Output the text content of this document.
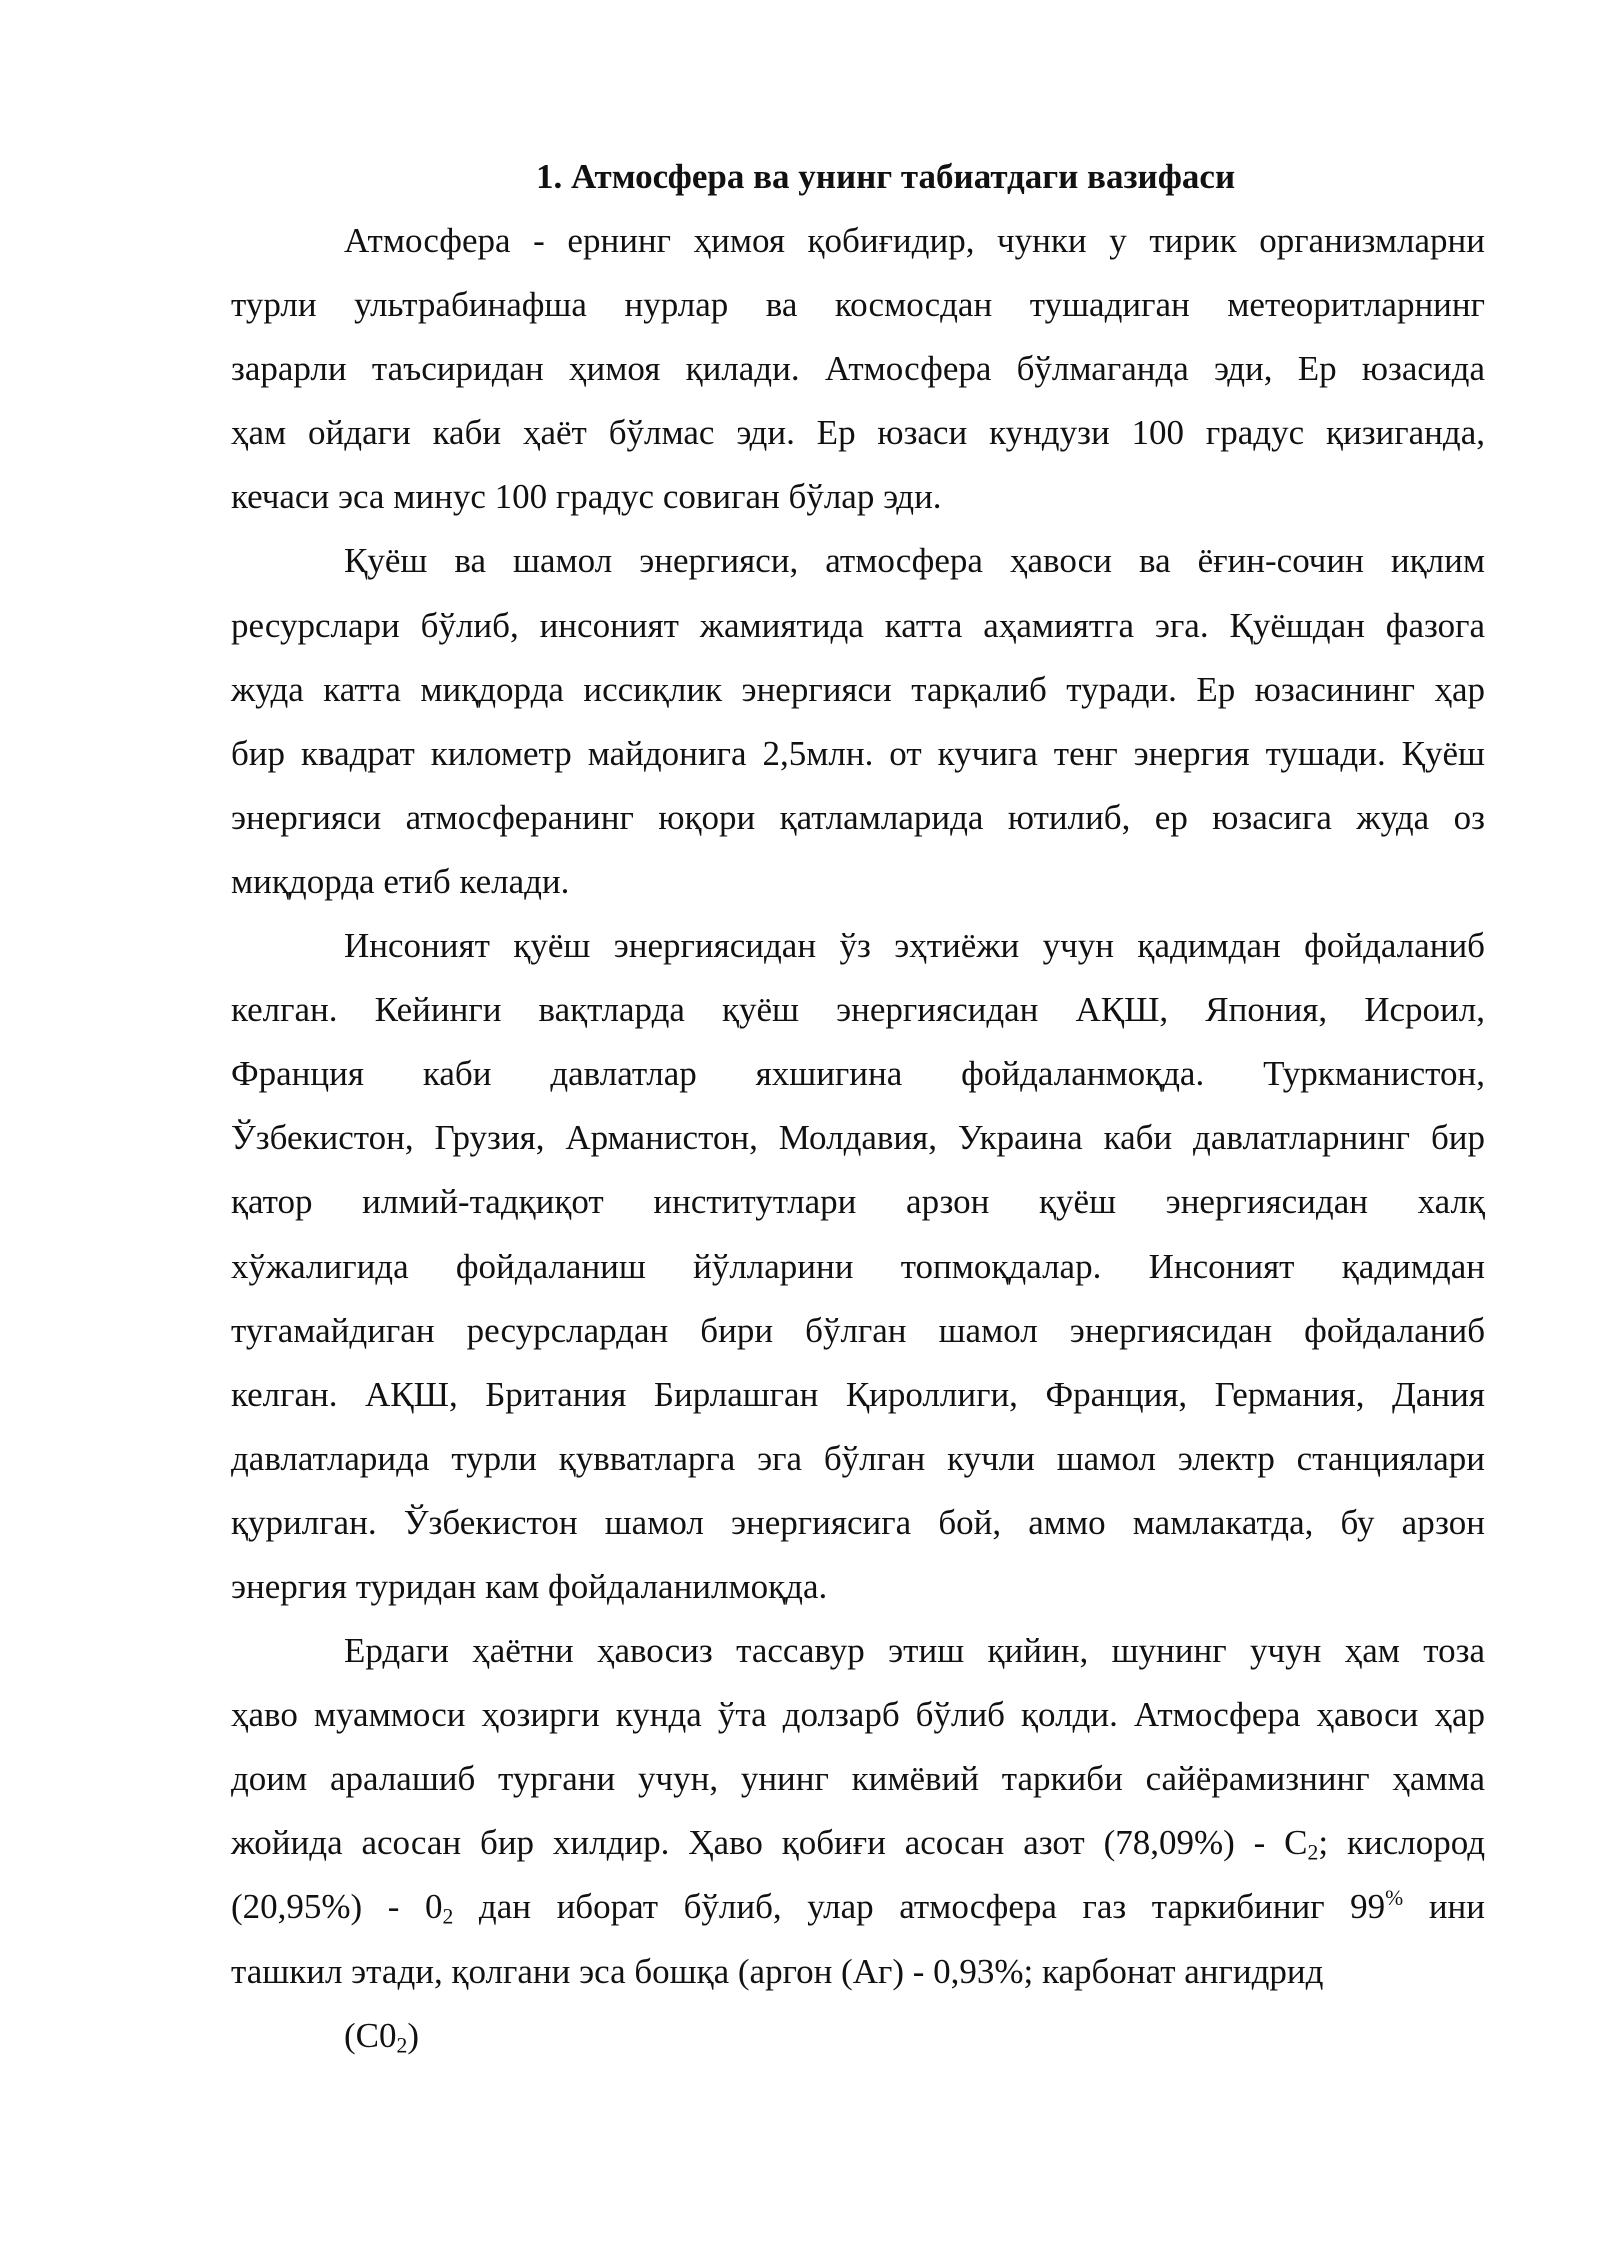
1. Атмосфера ва унинг табиатдаги вазифаси
Атмосфера - ернинг ҳимоя қобиғидир, чунки у тирик организмларни
турли ультрабинафша нурлар ва космосдан тушадиган метеоритларнинг
зарарли таъсиридан ҳимоя қилади. Атмосфера бўлмаганда эди, Ер юзасида
ҳам ойдаги каби ҳаёт бўлмас эди. Ер юзаси кундузи 100 градус қизиганда,
кечаси эса минус 100 градус совиган бўлар эди.
Қуёш ва шамол энергияси, атмосфера ҳавоси ва ёғин-сочин иқлим
ресурслари бўлиб, инсоният жамиятида катта аҳамиятга эга. Қуёшдан фазога
жуда катта миқдорда иссиқлик энергияси тарқалиб туради. Ер юзасининг ҳар
бир квадрат километр майдонига 2,5млн. от кучига тенг энергия тушади. Қуёш
энергияси атмосферанинг юқори қатламларида ютилиб, ер юзасига жуда оз
миқдорда етиб келади.
Инсоният қуёш энергиясидан ўз эҳтиёжи учун қадимдан фойдаланиб
келган. Кейинги вақтларда қуёш энергиясидан АҚШ, Япония, Исроил,
Франция каби давлатлар яхшигина фойдаланмоқда. Туркманистон,
Ўзбекистон, Грузия, Арманистон, Молдавия, Украина каби давлатларнинг бир
қатор илмий-тадқиқот институтлари арзон қуёш энергиясидан халқ
хўжалигида фойдаланиш йўлларини топмоқдалар. Инсоният қадимдан
тугамайдиган ресурслардан бири бўлган шамол энергиясидан фойдаланиб
келган. АҚШ, Британия Бирлашган Қироллиги, Франция, Германия, Дания
давлатларида турли қувватларга эга бўлган кучли шамол электр станциялари
қурилган. Ўзбекистон шамол энергиясига бой, аммо мамлакатда, бу арзон
энергия туридан кам фойдаланилмоқда.
Ердаги ҳаётни ҳавосиз тассавур этиш қийин, шунинг учун ҳам тоза
ҳаво муаммоси ҳозирги кунда ўта долзарб бўлиб қолди. Атмосфера ҳавоси ҳар
доим аралашиб тургани учун, унинг кимёвий таркиби сайёрамизнинг ҳамма
жойида асосан бир хилдир. Ҳаво қобиғи асосан азот $(78,09\%) - С_2$; кислород
$(20,95\%) - 0_2$ дан иборат бўлиб, улар атмосфера газ таркибиниг 99% ини
ташкил этади, қолгани эса бошқа (аргон (Аг) - 0,93%; карбонат ангидрид
$(С0_2)$
